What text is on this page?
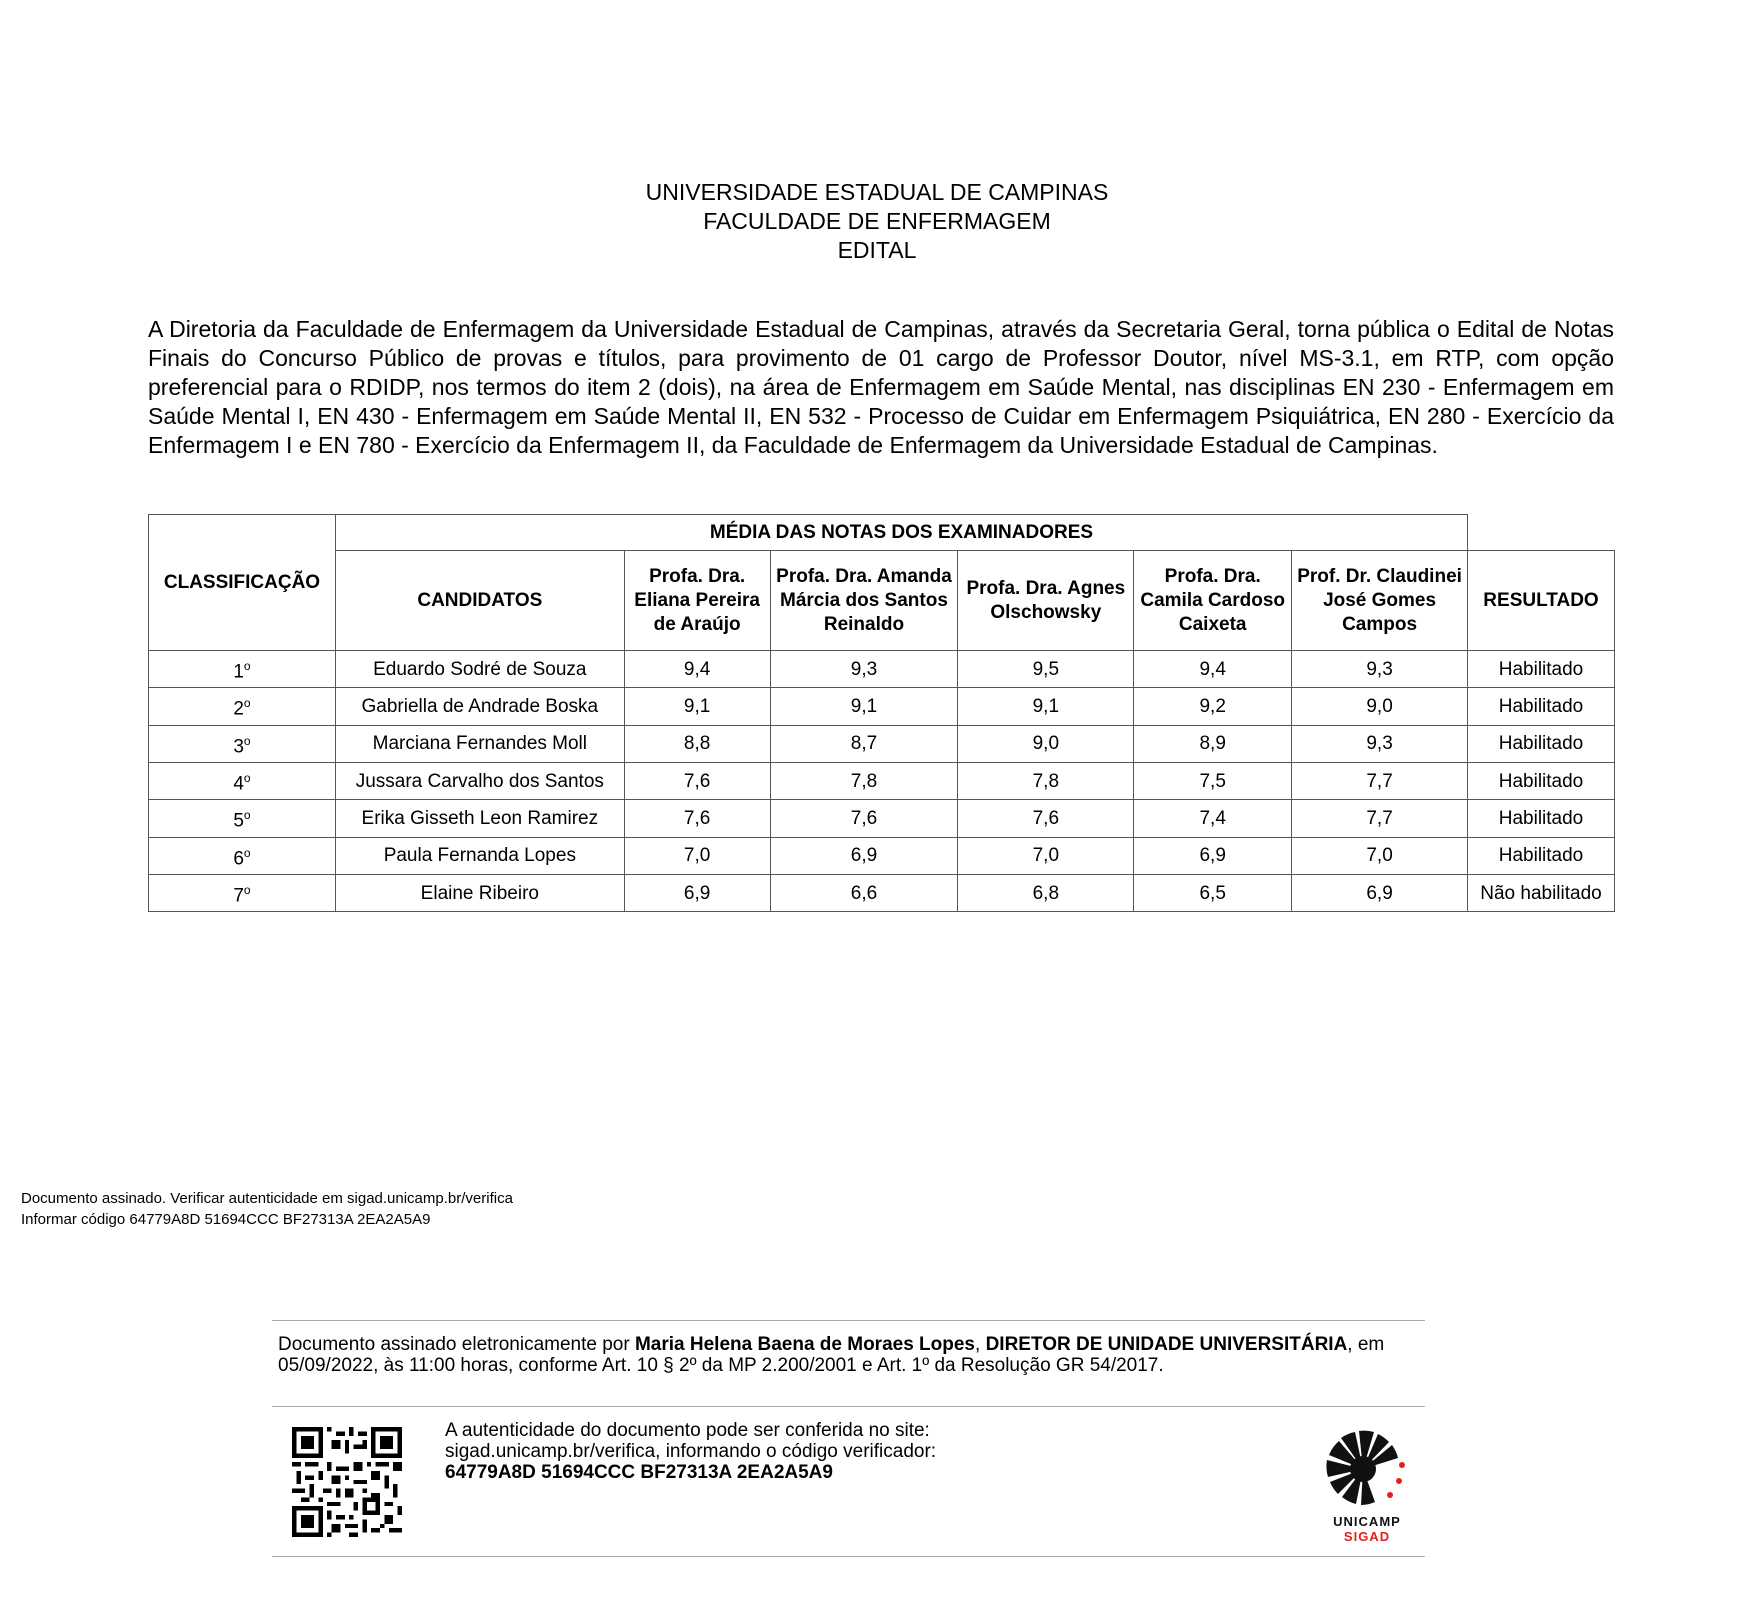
UNIVERSIDADE ESTADUAL DE CAMPINAS
FACULDADE DE ENFERMAGEM
EDITAL
A Diretoria da Faculdade de Enfermagem da Universidade Estadual de Campinas, através da Secretaria Geral, torna pública o Edital de Notas Finais do Concurso Público de provas e títulos, para provimento de 01 cargo de Professor Doutor, nível MS-3.1, em RTP, com opção preferencial para o RDIDP, nos termos do item 2 (dois), na área de Enfermagem em Saúde Mental, nas disciplinas EN 230 - Enfermagem em Saúde Mental I, EN 430 - Enfermagem em Saúde Mental II, EN 532 - Processo de Cuidar em Enfermagem Psiquiátrica, EN 280 - Exercício da Enfermagem I e EN 780 - Exercício da Enfermagem II, da Faculdade de Enfermagem da Universidade Estadual de Campinas.
CLASSIFICAÇÃO	MÉDIA DAS NOTAS DOS EXAMINADORES						
	CANDIDATOS	Profa. Dra. Eliana Pereira de Araújo	Profa. Dra. Amanda Márcia dos Santos Reinaldo	Profa. Dra. Agnes Olschowsky	Profa. Dra. Camila Cardoso Caixeta	Prof. Dr. Claudinei José Gomes Campos	RESULTADO
1$^o$	Eduardo Sodré de Souza	9,4	9,3	9,5	9,4	9,3	Habilitado
2$^o$	Gabriella de Andrade Boska	9,1	9,1	9,1	9,2	9,0	Habilitado
3$^o$	Marciana Fernandes Moll	8,8	8,7	9,0	8,9	9,3	Habilitado
4$^o$	Jussara Carvalho dos Santos	7,6	7,8	7,8	7,5	7,7	Habilitado
5$^o$	Erika Gisseth Leon Ramirez	7,6	7,6	7,6	7,4	7,7	Habilitado
6$^o$	Paula Fernanda Lopes	7,0	6,9	7,0	6,9	7,0	Habilitado
7$^o$	Elaine Ribeiro	6,9	6,6	6,8	6,5	6,9	Não habilitado
Documento assinado. Verificar autenticidade em sigad.unicamp.br/verifica
Informar código 64779A8D 51694CCC BF27313A 2EA2A5A9
Documento assinado eletronicamente por Maria Helena Baena de Moraes Lopes, DIRETOR DE UNIDADE UNIVERSITÁRIA, em 05/09/2022, às 11:00 horas, conforme Art. 10 § 2º da MP 2.200/2001 e Art. 1º da Resolução GR 54/2017.
A autenticidade do documento pode ser conferida no site:
sigad.unicamp.br/verifica, informando o código verificador:
64779A8D 51694CCC BF27313A 2EA2A5A9
UNICAMP
SIGAD
